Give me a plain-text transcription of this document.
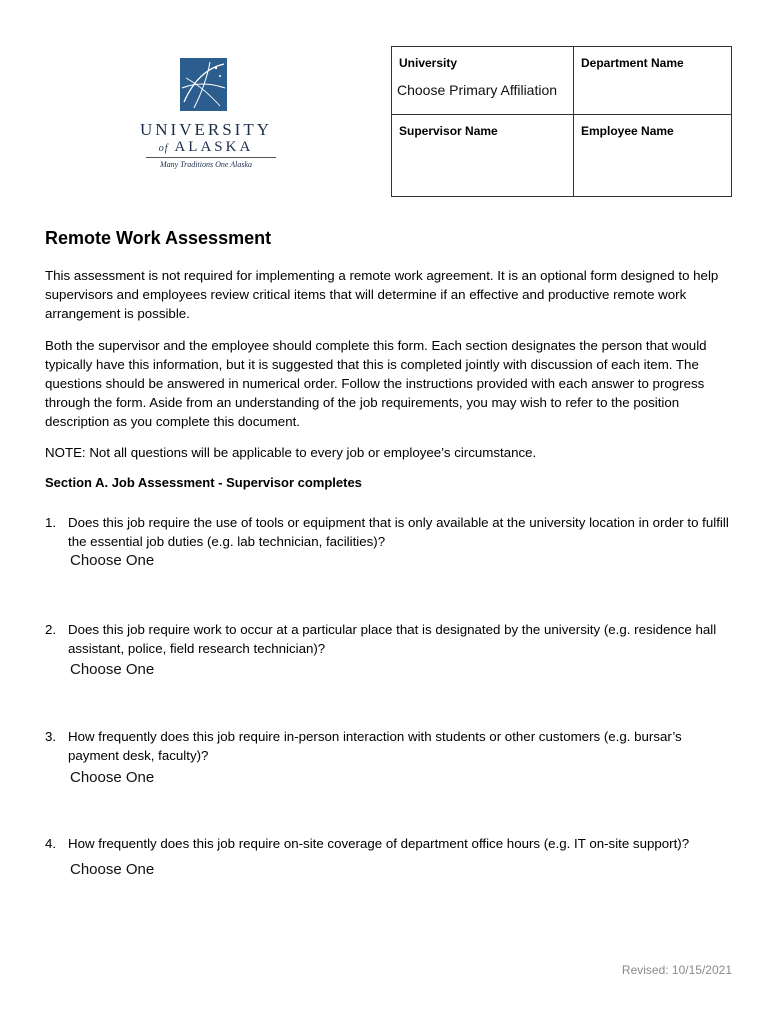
UNIVERSITY
of ALASKA
Many Traditions One Alaska
University
Choose Primary Affiliation	Department Name

Supervisor Name	Employee Name
Remote Work Assessment

This assessment is not required for implementing a remote work agreement. It is an optional form designed to help supervisors and employees review critical items that will determine if an effective and productive remote work arrangement is possible.

Both the supervisor and the employee should complete this form. Each section designates the person that would typically have this information, but it is suggested that this is completed jointly with discussion of each item. The questions should be answered in numerical order. Follow the instructions provided with each answer to progress through the form. Aside from an understanding of the job requirements, you may wish to refer to the position description as you complete this document.

NOTE: Not all questions will be applicable to every job or employee’s circumstance.

Section A. Job Assessment - Supervisor completes

1. Does this job require the use of tools or equipment that is only available at the university location in order to fulfill the essential job duties (e.g. lab technician, facilities)?
Choose One
2. Does this job require work to occur at a particular place that is designated by the university (e.g. residence hall assistant, police, field research technician)?
Choose One
3. How frequently does this job require in-person interaction with students or other customers (e.g. bursar’s payment desk, faculty)?
Choose One
4. How frequently does this job require on-site coverage of department office hours (e.g. IT on-site support)?
Choose One
Revised: 10/15/2021
